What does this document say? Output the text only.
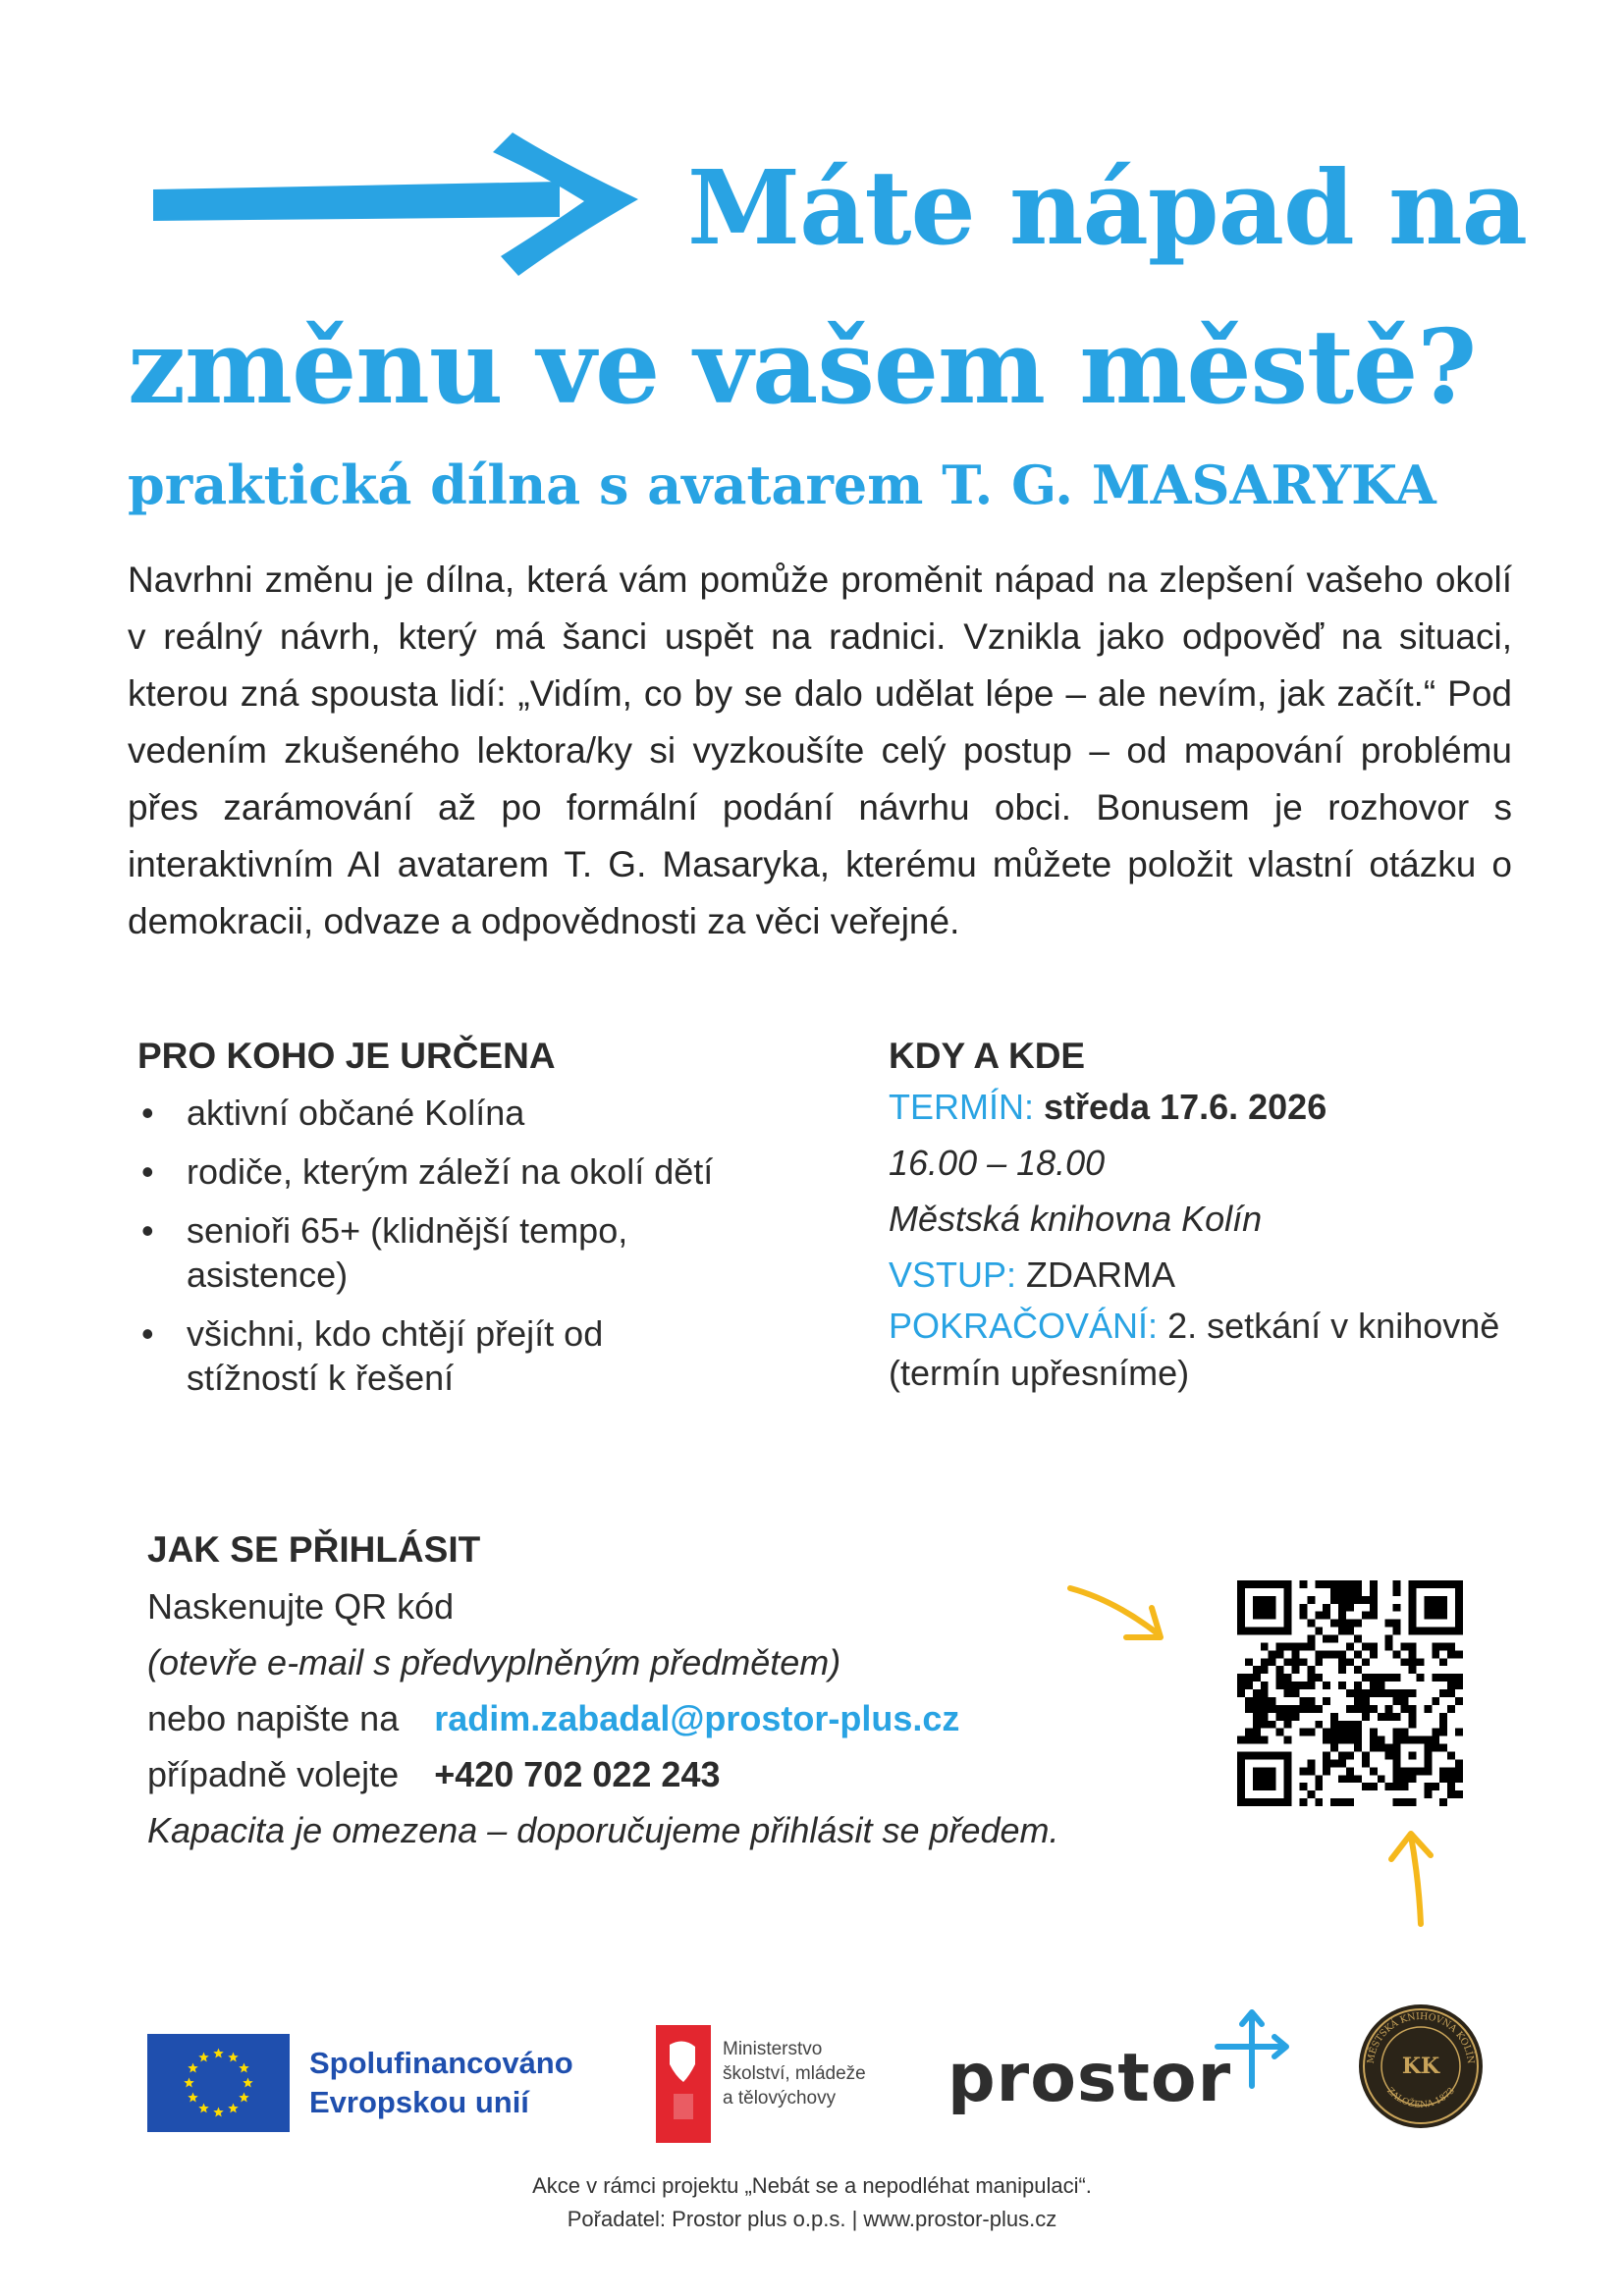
Máte nápad na
změnu ve vašem městě?
praktická dílna s avatarem T. G. MASARYKA
Navrhni změnu je dílna, která vám pomůže proměnit nápad na zlepšení vašeho okolí v reálný návrh, který má šanci uspět na radnici. Vznikla jako odpověď na situaci, kterou zná spousta lidí: „Vidím, co by se dalo udělat lépe – ale nevím, jak začít.“ Pod vedením zkušeného lektora/ky si vyzkoušíte celý postup – od mapování problému přes zarámování až po formální podání návrhu obci. Bonusem je rozhovor s interaktivním AI avatarem T. G. Masaryka, kterému můžete položit vlastní otázku o demokracii, odvaze a odpovědnosti za věci veřejné.
PRO KOHO JE URČENA
• aktivní občané Kolína
• rodiče, kterým záleží na okolí dětí
• senioři 65+ (klidnější tempo, asistence)
• všichni, kdo chtějí přejít od stížností k řešení
KDY A KDE
TERMÍN: středa 17.6. 2026
16.00 – 18.00
Městská knihovna Kolín
VSTUP: ZDARMA
POKRAČOVÁNÍ: 2. setkání v knihovně
(termín upřesníme)
JAK SE PŘIHLÁSIT
Naskenujte QR kód
(otevře e-mail s předvyplněným předmětem)
nebo napište na radim.zabadal@prostor-plus.cz
případně volejte +420 702 022 243
Kapacita je omezena – doporučujeme přihlásit se předem.
Spolufinancováno
Evropskou unií
Ministerstvo
školství, mládeže
a tělovýchovy	prostor	MĚSTSKÁ KNIHOVNA KOLÍN
ZALOŽENA 1873
KK
Akce v rámci projektu „Nebát se a nepodléhat manipulaci“.
Pořadatel: Prostor plus o.p.s. | www.prostor-plus.cz
